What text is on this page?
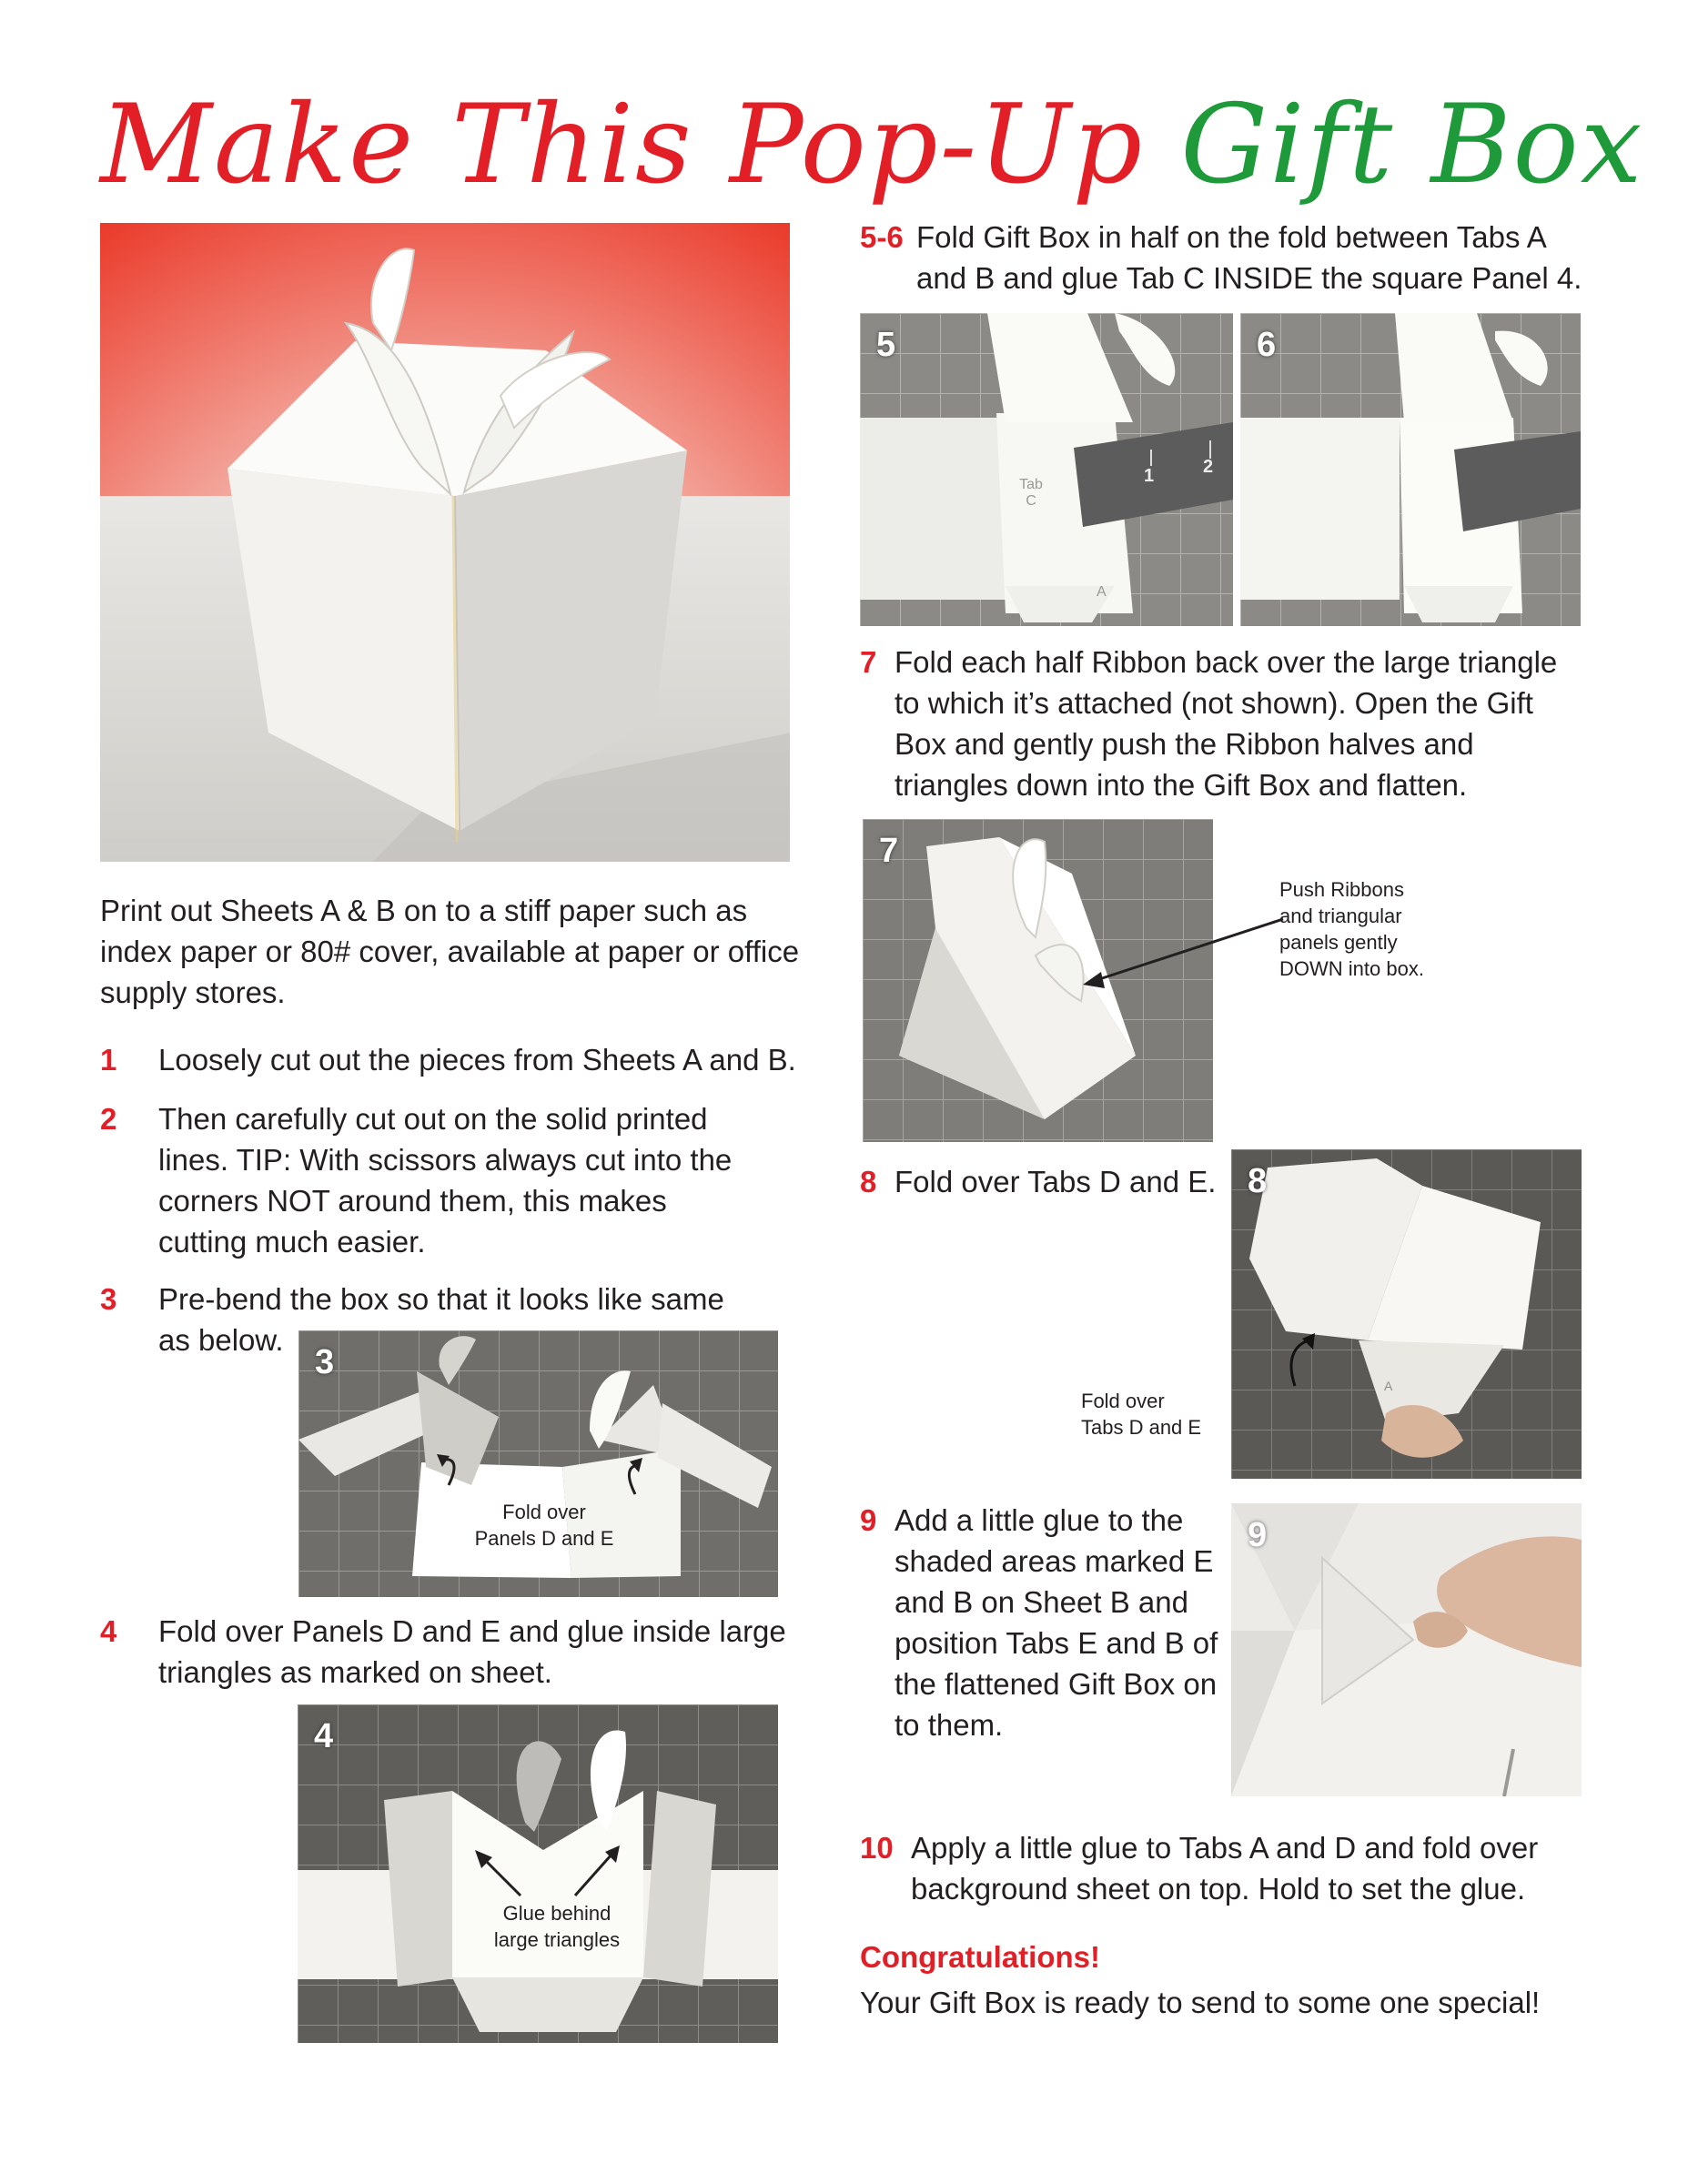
Make This Pop-Up Gift Box
Print out Sheets A & B on to a stiff paper such as index paper or 80# cover, available at paper or office supply stores.
1	Loosely cut out the pieces from Sheets A and B.
2	Then carefully cut out on the solid printed lines. TIP: With scissors always cut into the corners NOT around them, this makes cutting much easier.
3	Pre-bend the box so that it looks like same as below.
3
Fold over
Panels D and E
4	Fold over Panels D and E and glue inside large triangles as marked on sheet.
4
Glue behind
large triangles
5-6 Fold Gift Box in half on the fold between Tabs A and B and glue Tab C INSIDE the square Panel 4.
5
Tab
C
A
1	2
6
7 Fold each half Ribbon back over the large triangle to which it’s attached (not shown). Open the Gift Box and gently push the Ribbon halves and triangles down into the Gift Box and flatten.
7
Push Ribbons
and triangular
panels gently
DOWN into box.
8 Fold over Tabs D and E. 8
A
Fold over
Tabs D and E
9 Add a little glue to the shaded areas marked E and B on Sheet B and position Tabs E and B of the flattened Gift Box on to them.
9
10 Apply a little glue to Tabs A and D and fold over background sheet on top. Hold to set the glue.
Congratulations!
Your Gift Box is ready to send to some one special!
